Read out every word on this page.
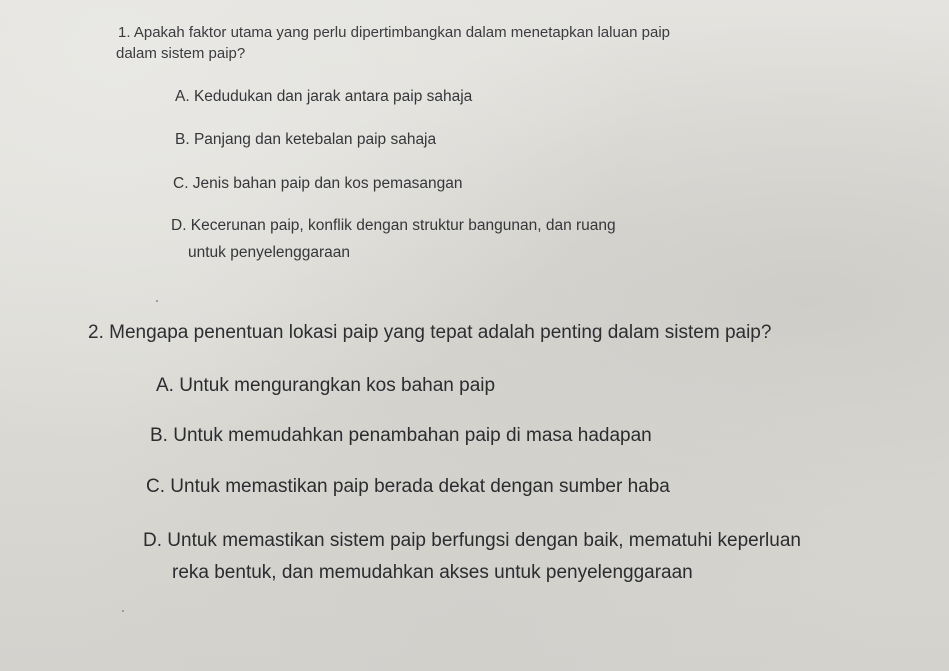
1. Apakah faktor utama yang perlu dipertimbangkan dalam menetapkan laluan paip
dalam sistem paip?

A. Kedudukan dan jarak antara paip sahaja

B. Panjang dan ketebalan paip sahaja

C. Jenis bahan paip dan kos pemasangan

D. Kecerunan paip, konflik dengan struktur bangunan, dan ruang
untuk penyelenggaraan

2. Mengapa penentuan lokasi paip yang tepat adalah penting dalam sistem paip?

A. Untuk mengurangkan kos bahan paip

B. Untuk memudahkan penambahan paip di masa hadapan

C. Untuk memastikan paip berada dekat dengan sumber haba

D. Untuk memastikan sistem paip berfungsi dengan baik, mematuhi keperluan
reka bentuk, dan memudahkan akses untuk penyelenggaraan
